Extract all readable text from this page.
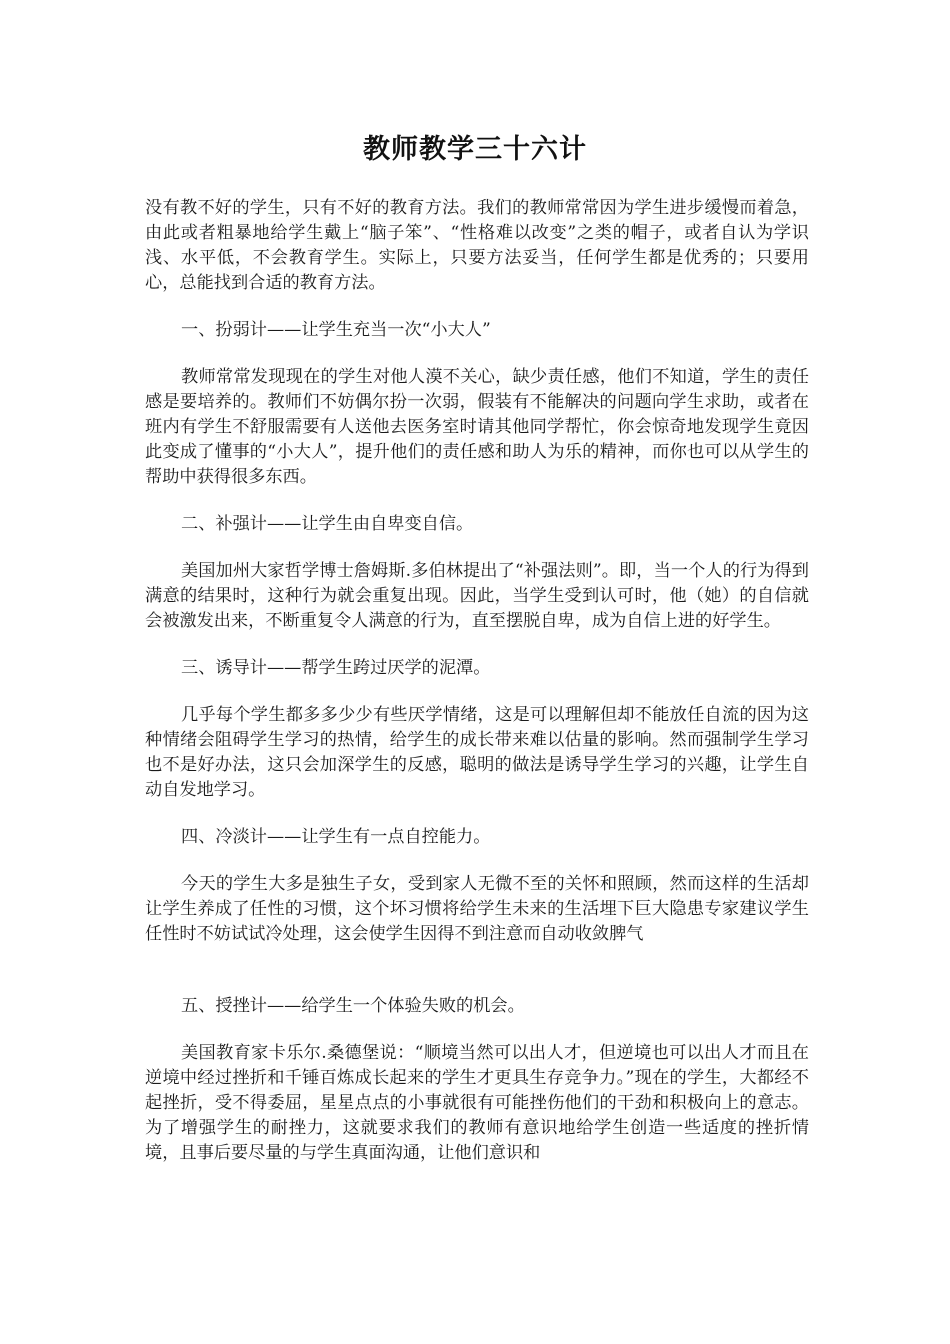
教师教学三十六计

没有教不好的学生，只有不好的教育方法。我们的教师常常因为学生进步缓慢而着急，由此或者粗暴地给学生戴上“脑子笨”、“性格难以改变”之类的帽子，或者自认为学识浅、水平低，不会教育学生。实际上，只要方法妥当，任何学生都是优秀的；只要用心，总能找到合适的教育方法。

一、扮弱计——让学生充当一次“小大人”

教师常常发现现在的学生对他人漠不关心，缺少责任感，他们不知道，学生的责任感是要培养的。教师们不妨偶尔扮一次弱，假装有不能解决的问题向学生求助，或者在班内有学生不舒服需要有人送他去医务室时请其他同学帮忙，你会惊奇地发现学生竟因此变成了懂事的“小大人”，提升他们的责任感和助人为乐的精神，而你也可以从学生的帮助中获得很多东西。

二、补强计——让学生由自卑变自信。

美国加州大家哲学博士詹姆斯.多伯林提出了“补强法则”。即，当一个人的行为得到满意的结果时，这种行为就会重复出现。因此，当学生受到认可时，他（她）的自信就会被激发出来，不断重复令人满意的行为，直至摆脱自卑，成为自信上进的好学生。

三、诱导计——帮学生跨过厌学的泥潭。

几乎每个学生都多多少少有些厌学情绪，这是可以理解但却不能放任自流的因为这种情绪会阻碍学生学习的热情，给学生的成长带来难以估量的影响。然而强制学生学习也不是好办法，这只会加深学生的反感，聪明的做法是诱导学生学习的兴趣，让学生自动自发地学习。

四、冷淡计——让学生有一点自控能力。

今天的学生大多是独生子女，受到家人无微不至的关怀和照顾，然而这样的生活却让学生养成了任性的习惯，这个坏习惯将给学生未来的生活埋下巨大隐患专家建议学生任性时不妨试试冷处理，这会使学生因得不到注意而自动收敛脾气

五、授挫计——给学生一个体验失败的机会。

美国教育家卡乐尔.桑德堡说：“顺境当然可以出人才，但逆境也可以出人才而且在逆境中经过挫折和千锤百炼成长起来的学生才更具生存竞争力。”现在的学生，大都经不起挫折，受不得委屈，星星点点的小事就很有可能挫伤他们的干劲和积极向上的意志。为了增强学生的耐挫力，这就要求我们的教师有意识地给学生创造一些适度的挫折情境，且事后要尽量的与学生真面沟通，让他们意识和
